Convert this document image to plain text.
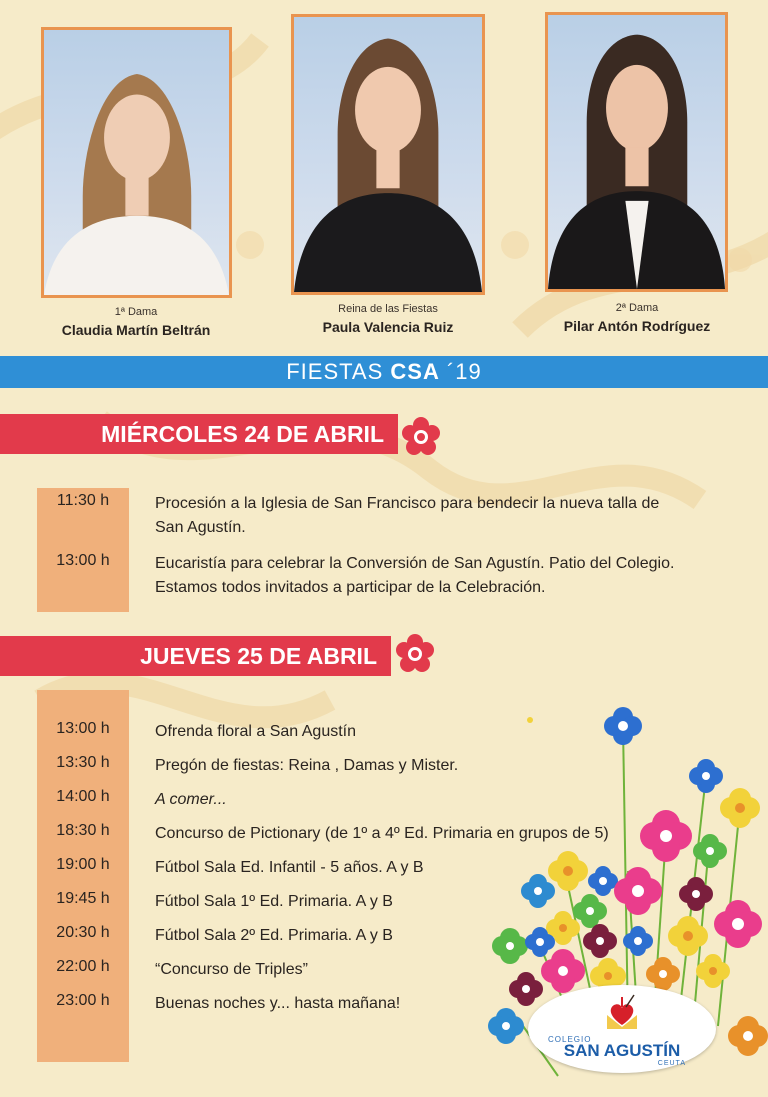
1ª Dama
Claudia Martín Beltrán
Reina de las Fiestas
Paula Valencia Ruiz
2ª Dama
Pilar Antón Rodríguez
FIESTAS CSA ´19
MIÉRCOLES 24 DE ABRIL
11:30 h	Procesión a la Iglesia de San Francisco para bendecir la nueva talla de San Agustín.
13:00 h	Eucaristía para celebrar la Conversión de San Agustín. Patio del Colegio. Estamos todos invitados a participar de la Celebración.
JUEVES 25 DE ABRIL
13:00 h	Ofrenda floral a San Agustín
13:30 h	Pregón de fiestas: Reina , Damas y Mister.
14:00 h	A comer...
18:30 h	Concurso de Pictionary (de 1º a 4º Ed. Primaria en grupos de 5)
19:00 h	Fútbol Sala Ed. Infantil - 5 años. A y B
19:45 h	Fútbol Sala 1º Ed. Primaria. A y B
20:30 h	Fútbol Sala 2º Ed. Primaria. A y B
22:00 h	“Concurso de Triples”
23:00 h	Buenas noches y... hasta mañana!
COLEGIO
SAN AGUSTÍN
CEUTA
